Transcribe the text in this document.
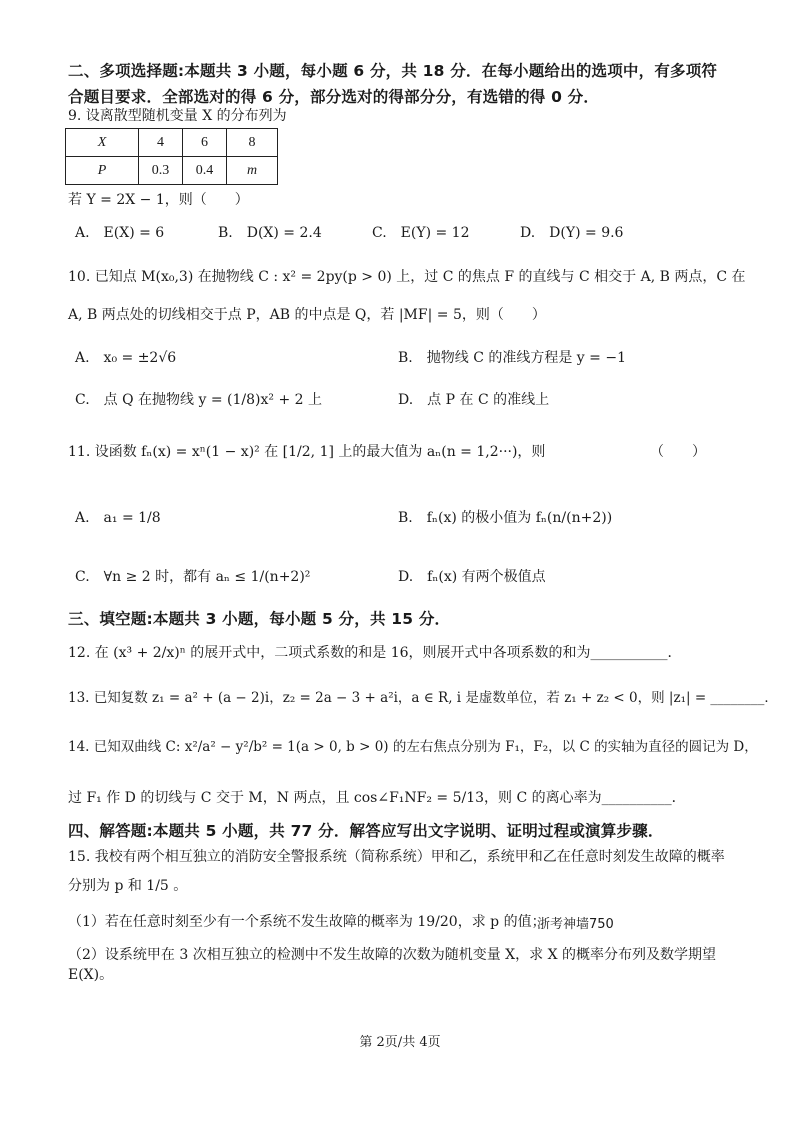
二、多项选择题:本题共 3 小题，每小题 6 分，共 18 分．在每小题给出的选项中，有多项符
合题目要求．全部选对的得 6 分，部分选对的得部分分，有选错的得 0 分．
9. 设离散型随机变量 X 的分布列为
X	4	6	8
P	0.3	0.4	m
若 Y = 2X − 1，则（　　）
A.　E(X) = 6	B.　D(X) = 2.4	C.　E(Y) = 12	D.　D(Y) = 9.6
10. 已知点 M(x₀,3) 在抛物线 C : x² = 2py(p > 0) 上，过 C 的焦点 F 的直线与 C 相交于 A, B 两点，C 在
A, B 两点处的切线相交于点 P，AB 的中点是 Q，若 |MF| = 5，则（　　）
A.　x₀ = ±2√6	B.　抛物线 C 的准线方程是 y = −1
C.　点 Q 在抛物线 y = (1/8)x² + 2 上	D.　点 P 在 C 的准线上
11. 设函数 fₙ(x) = xⁿ(1 − x)² 在 [1/2, 1] 上的最大值为 aₙ(n = 1,2···)，则	（　　）
A.　a₁ = 1/8	B.　fₙ(x) 的极小值为 fₙ(n/(n+2))
C.　∀n ≥ 2 时，都有 aₙ ≤ 1/(n+2)²	D.　fₙ(x) 有两个极值点
三、填空题:本题共 3 小题，每小题 5 分，共 15 分．
12. 在 (x³ + 2/x)ⁿ 的展开式中，二项式系数的和是 16，则展开式中各项系数的和为___________．
13. 已知复数 z₁ = a² + (a − 2)i，z₂ = 2a − 3 + a²i，a ∈ R, i 是虚数单位，若 z₁ + z₂ < 0，则 |z₁| = ________．
14. 已知双曲线 C: x²/a² − y²/b² = 1(a > 0, b > 0) 的左右焦点分别为 F₁，F₂，以 C 的实轴为直径的圆记为 D，
过 F₁ 作 D 的切线与 C 交于 M，N 两点，且 cos∠F₁NF₂ = 5/13，则 C 的离心率为__________．
四、解答题:本题共 5 小题，共 77 分．解答应写出文字说明、证明过程或演算步骤．
15. 我校有两个相互独立的消防安全警报系统（简称系统）甲和乙，系统甲和乙在任意时刻发生故障的概率
分别为 p 和 1/5 。
（1）若在任意时刻至少有一个系统不发生故障的概率为 19/20，求 p 的值；
浙考神墙750
（2）设系统甲在 3 次相互独立的检测中不发生故障的次数为随机变量 X，求 X 的概率分布列及数学期望
E(X)。
第 2页/共 4页
